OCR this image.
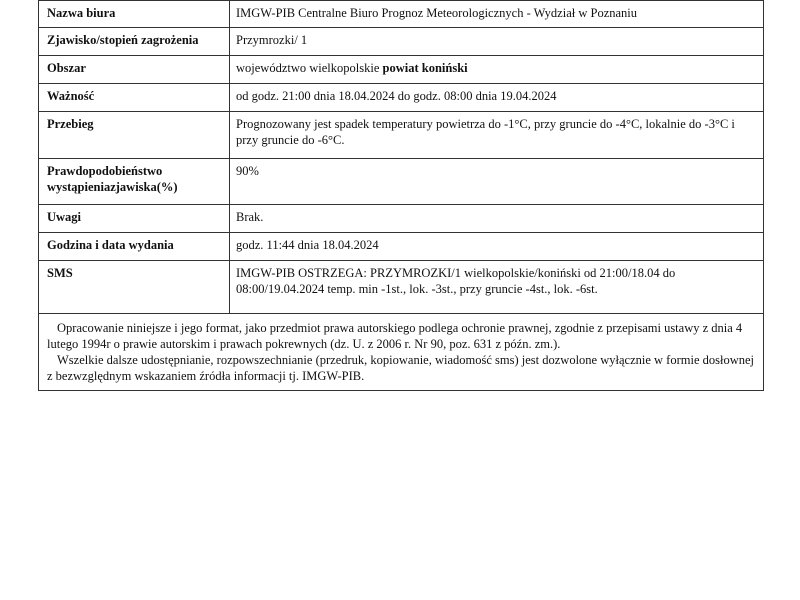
Nazwa biura	IMGW-PIB Centralne Biuro Prognoz Meteorologicznych - Wydział w Poznaniu
Zjawisko/stopień zagrożenia	Przymrozki/ 1
Obszar	województwo wielkopolskie powiat koniński
Ważność	od godz. 21:00 dnia 18.04.2024 do godz. 08:00 dnia 19.04.2024
Przebieg	Prognozowany jest spadek temperatury powietrza do -1°C, przy gruncie do -4°C, lokalnie do -3°C i przy gruncie do -6°C.
Prawdopodobieństwo wystąpieniazjawiska(%)	90%
Uwagi	Brak.
Godzina i data wydania	godz. 11:44 dnia 18.04.2024
SMS	IMGW-PIB OSTRZEGA: PRZYMROZKI/1 wielkopolskie/koniński od 21:00/18.04 do 08:00/19.04.2024 temp. min -1st., lok. -3st., przy gruncie -4st., lok. -6st.

Opracowanie niniejsze i jego format, jako przedmiot prawa autorskiego podlega ochronie prawnej, zgodnie z przepisami ustawy z dnia 4 lutego 1994r o prawie autorskim i prawach pokrewnych (dz. U. z 2006 r. Nr 90, poz. 631 z późn. zm.).

Wszelkie dalsze udostępnianie, rozpowszechnianie (przedruk, kopiowanie, wiadomość sms) jest dozwolone wyłącznie w formie dosłownej z bezwzględnym wskazaniem źródła informacji tj. IMGW-PIB.
